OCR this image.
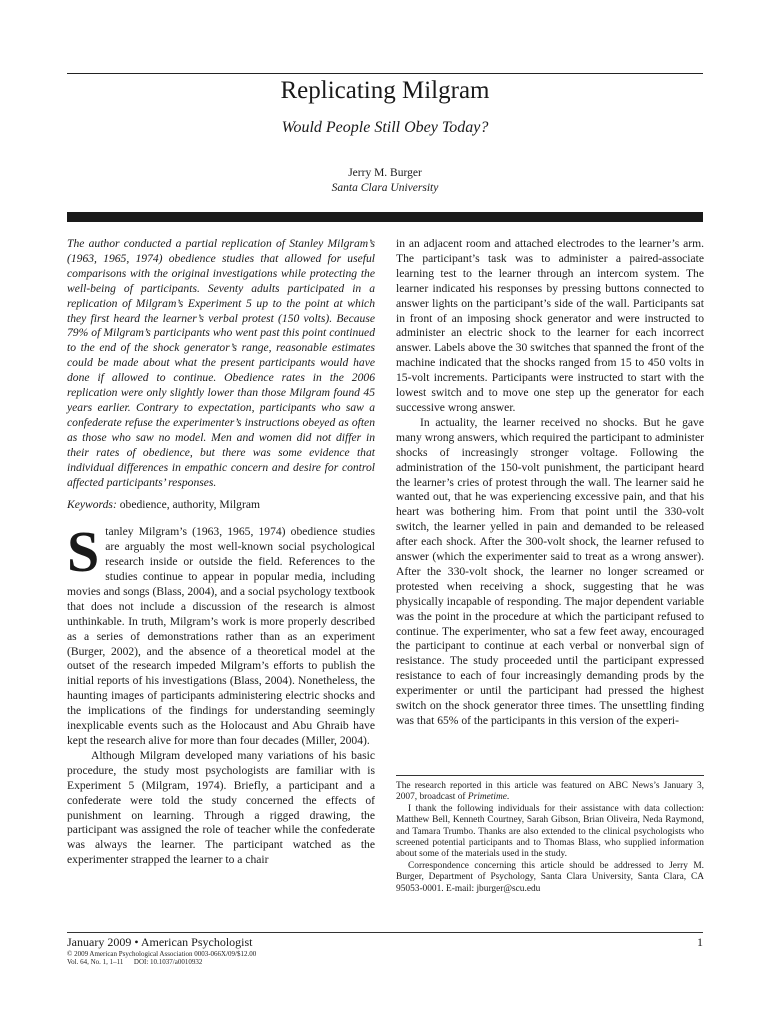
Replicating Milgram
Would People Still Obey Today?
Jerry M. Burger
Santa Clara University

The author conducted a partial replication of Stanley Milgram’s (1963, 1965, 1974) obedience studies that allowed for useful comparisons with the original investigations while protecting the well-being of participants. Seventy adults participated in a replication of Milgram’s Experiment 5 up to the point at which they first heard the learner’s verbal protest (150 volts). Because 79% of Milgram’s participants who went past this point continued to the end of the shock generator’s range, reasonable estimates could be made about what the present participants would have done if allowed to continue. Obedience rates in the 2006 replication were only slightly lower than those Milgram found 45 years earlier. Contrary to expectation, participants who saw a confederate refuse the experimenter’s instructions obeyed as often as those who saw no model. Men and women did not differ in their rates of obedience, but there was some evidence that individual differences in empathic concern and desire for control affected participants’ responses.

Keywords: obedience, authority, Milgram

Stanley Milgram’s (1963, 1965, 1974) obedience studies are arguably the most well-known social psychological research inside or outside the field. References to the studies continue to appear in popular media, including movies and songs (Blass, 2004), and a social psychology textbook that does not include a discussion of the research is almost unthinkable. In truth, Milgram’s work is more properly described as a series of demonstrations rather than as an experiment (Burger, 2002), and the absence of a theoretical model at the outset of the research impeded Milgram’s efforts to publish the initial reports of his investigations (Blass, 2004). Nonetheless, the haunting images of participants administering electric shocks and the implications of the findings for understanding seemingly inexplicable events such as the Holocaust and Abu Ghraib have kept the research alive for more than four decades (Miller, 2004).

Although Milgram developed many variations of his basic procedure, the study most psychologists are familiar with is Experiment 5 (Milgram, 1974). Briefly, a participant and a confederate were told the study concerned the effects of punishment on learning. Through a rigged drawing, the participant was assigned the role of teacher while the confederate was always the learner. The participant watched as the experimenter strapped the learner to a chair

in an adjacent room and attached electrodes to the learner’s arm. The participant’s task was to administer a paired-associate learning test to the learner through an intercom system. The learner indicated his responses by pressing buttons connected to answer lights on the participant’s side of the wall. Participants sat in front of an imposing shock generator and were instructed to administer an electric shock to the learner for each incorrect answer. Labels above the 30 switches that spanned the front of the machine indicated that the shocks ranged from 15 to 450 volts in 15-volt increments. Participants were instructed to start with the lowest switch and to move one step up the generator for each successive wrong answer.

In actuality, the learner received no shocks. But he gave many wrong answers, which required the participant to administer shocks of increasingly stronger voltage. Following the administration of the 150-volt punishment, the participant heard the learner’s cries of protest through the wall. The learner said he wanted out, that he was experiencing excessive pain, and that his heart was bothering him. From that point until the 330-volt switch, the learner yelled in pain and demanded to be released after each shock. After the 300-volt shock, the learner refused to answer (which the experimenter said to treat as a wrong answer). After the 330-volt shock, the learner no longer screamed or protested when receiving a shock, suggesting that he was physically incapable of responding. The major dependent variable was the point in the procedure at which the participant refused to continue. The experimenter, who sat a few feet away, encouraged the participant to continue at each verbal or nonverbal sign of resistance. The study proceeded until the participant expressed resistance to each of four increasingly demanding prods by the experimenter or until the participant had pressed the highest switch on the shock generator three times. The unsettling finding was that 65% of the participants in this version of the experi-

The research reported in this article was featured on ABC News’s January 3, 2007, broadcast of Primetime.

I thank the following individuals for their assistance with data collection: Matthew Bell, Kenneth Courtney, Sarah Gibson, Brian Oliveira, Neda Raymond, and Tamara Trumbo. Thanks are also extended to the clinical psychologists who screened potential participants and to Thomas Blass, who supplied information about some of the materials used in the study.

Correspondence concerning this article should be addressed to Jerry M. Burger, Department of Psychology, Santa Clara University, Santa Clara, CA 95053-0001. E-mail: jburger@scu.edu

January 2009 • American Psychologist	1
© 2009 American Psychological Association 0003-066X/09/$12.00
Vol. 64, No. 1, 1–11      DOI: 10.1037/a0010932
